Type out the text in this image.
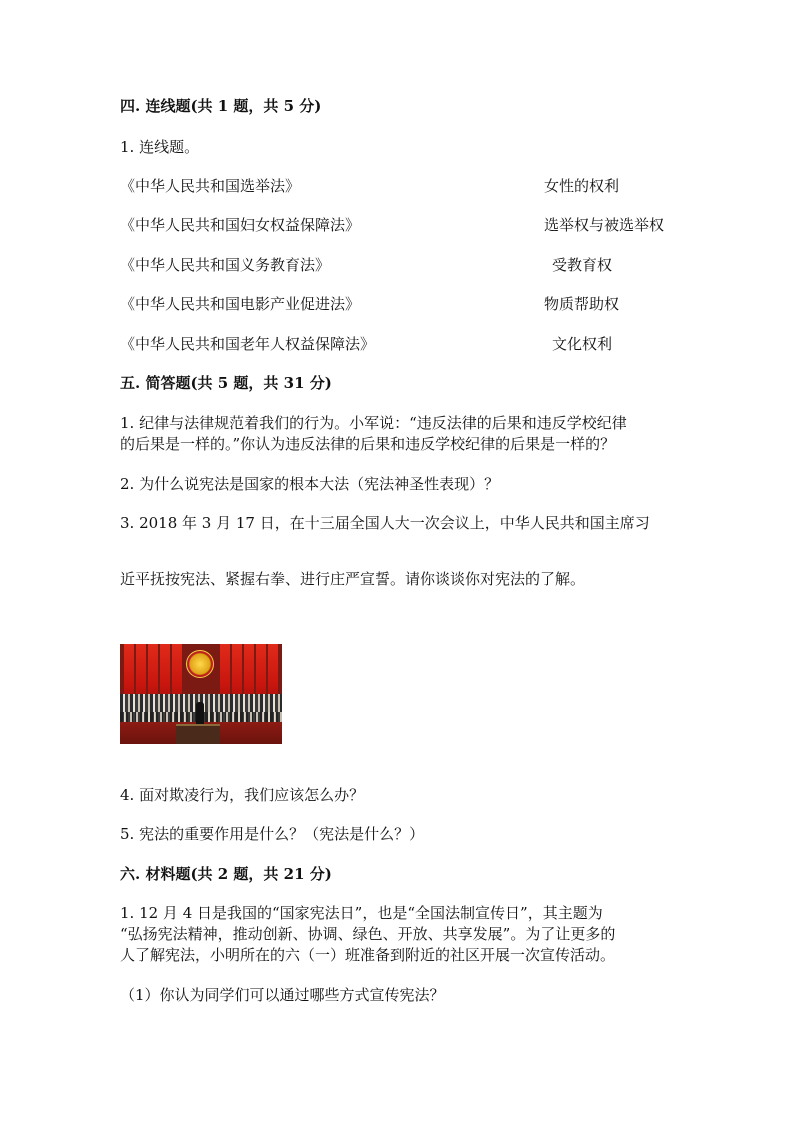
四. 连线题(共 1 题，共 5 分)
1. 连线题。
《中华人民共和国选举法》	女性的权利
《中华人民共和国妇女权益保障法》	选举权与被选举权
《中华人民共和国义务教育法》	受教育权
《中华人民共和国电影产业促进法》	物质帮助权
《中华人民共和国老年人权益保障法》	文化权利
五. 简答题(共 5 题，共 31 分)
1. 纪律与法律规范着我们的行为。小军说：“违反法律的后果和违反学校纪律
的后果是一样的。”你认为违反法律的后果和违反学校纪律的后果是一样的？
2. 为什么说宪法是国家的根本大法（宪法神圣性表现）？
3. 2018 年 3 月 17 日，在十三届全国人大一次会议上，中华人民共和国主席习
近平抚按宪法、紧握右拳、进行庄严宣誓。请你谈谈你对宪法的了解。
4. 面对欺凌行为，我们应该怎么办？
5. 宪法的重要作用是什么？（宪法是什么？）
六. 材料题(共 2 题，共 21 分)
1. 12 月 4 日是我国的“国家宪法日”，也是“全国法制宣传日”，其主题为
“弘扬宪法精神，推动创新、协调、绿色、开放、共享发展”。为了让更多的
人了解宪法，小明所在的六（一）班准备到附近的社区开展一次宣传活动。
（1）你认为同学们可以通过哪些方式宣传宪法？
